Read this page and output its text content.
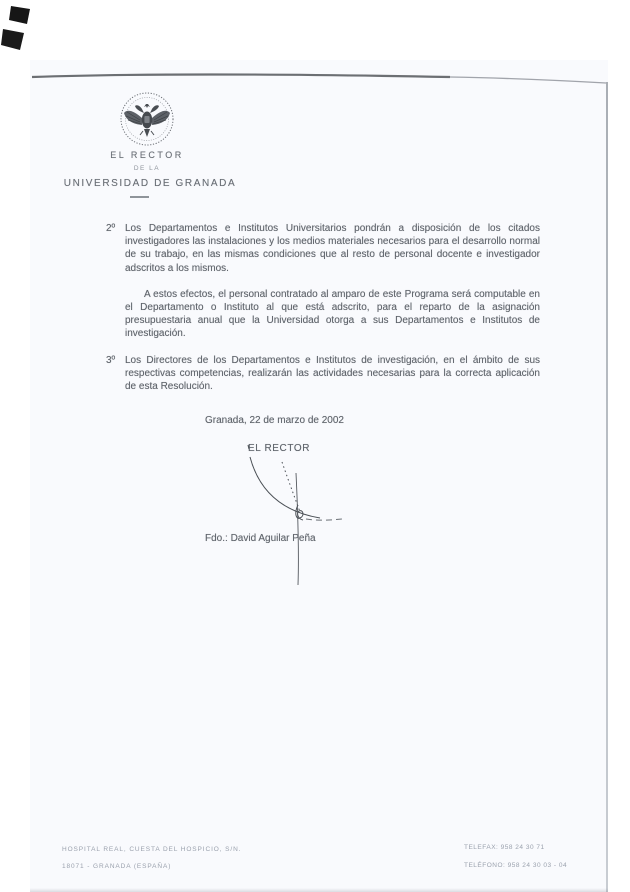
EL RECTOR
DE LA
UNIVERSIDAD DE GRANADA

2º Los Departamentos e Institutos Universitarios pondrán a disposición de los citados investigadores las instalaciones y los medios materiales necesarios para el desarrollo normal de su trabajo, en las mismas condiciones que al resto de personal docente e investigador adscritos a los mismos.

A estos efectos, el personal contratado al amparo de este Programa será computable en el Departamento o Instituto al que está adscrito, para el reparto de la asignación presupuestaria anual que la Universidad otorga a sus Departamentos e Institutos de investigación.

3º Los Directores de los Departamentos e Institutos de investigación, en el ámbito de sus respectivas competencias, realizarán las actividades necesarias para la correcta aplicación de esta Resolución.

Granada, 22 de marzo de 2002
EL RECTOR
Fdo.: David Aguilar Peña
HOSPITAL REAL, CUESTA DEL HOSPICIO, S/N.
18071 - GRANADA (ESPAÑA)
TELEFAX: 958 24 30 71
TELÉFONO: 958 24 30 03 - 04
